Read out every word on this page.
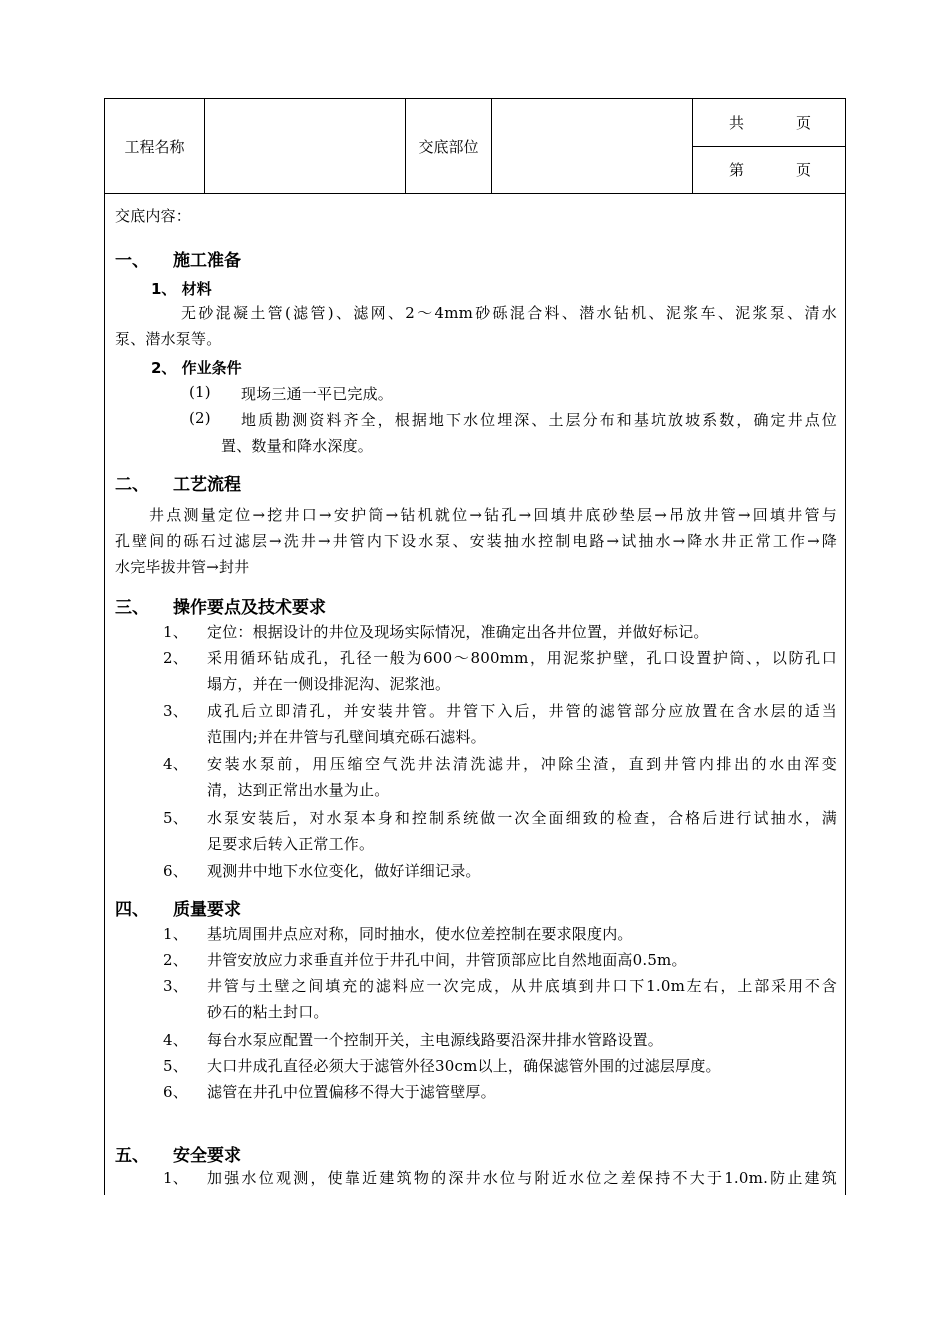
工程名称	交底部位
共	页
第	页
交底内容：
一、 施工准备
1、 材料
无砂混凝土管(滤管)、滤网、2～4mm砂砾混合料、潜水钻机、泥浆车、泥浆泵、清水
泵、潜水泵等。
2、 作业条件
(1) 现场三通一平已完成。
(2) 地质勘测资料齐全，根据地下水位埋深、土层分布和基坑放坡系数，确定井点位
置、数量和降水深度。
二、 工艺流程
井点测量定位→挖井口→安护筒→钻机就位→钻孔→回填井底砂垫层→吊放井管→回填井管与
孔壁间的砾石过滤层→洗井→井管内下设水泵、安装抽水控制电路→试抽水→降水井正常工作→降
水完毕拔井管→封井
三、 操作要点及技术要求
1、 定位：根据设计的井位及现场实际情况，准确定出各井位置，并做好标记。
2、 采用循环钻成孔，孔径一般为600～800mm，用泥浆护壁，孔口设置护筒、，以防孔口
塌方，并在一侧设排泥沟、泥浆池。
3、 成孔后立即清孔，并安装井管。井管下入后，井管的滤管部分应放置在含水层的适当
范围内;并在井管与孔壁间填充砾石滤料。
4、 安装水泵前，用压缩空气洗井法清洗滤井，冲除尘渣，直到井管内排出的水由浑变
清，达到正常出水量为止。
5、 水泵安装后，对水泵本身和控制系统做一次全面细致的检查，合格后进行试抽水，满
足要求后转入正常工作。
6、 观测井中地下水位变化，做好详细记录。
四、 质量要求
1、 基坑周围井点应对称，同时抽水，使水位差控制在要求限度内。
2、 井管安放应力求垂直并位于井孔中间，井管顶部应比自然地面高0.5m。
3、 井管与土壁之间填充的滤料应一次完成，从井底填到井口下1.0m左右，上部采用不含
砂石的粘土封口。
4、 每台水泵应配置一个控制开关，主电源线路要沿深井排水管路设置。
5、 大口井成孔直径必须大于滤管外径30cm以上，确保滤管外围的过滤层厚度。
6、 滤管在井孔中位置偏移不得大于滤管壁厚。
五、 安全要求
1、 加强水位观测，使靠近建筑物的深井水位与附近水位之差保持不大于1.0m.防止建筑
